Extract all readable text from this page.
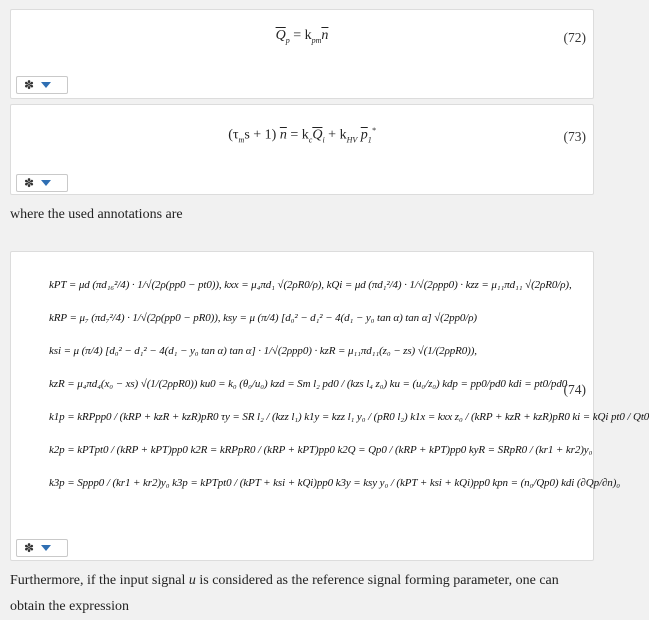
$\overline{Q}_p = k_{pm}\overline{n}$	(72)
✽
$(\tau_ms + 1) \overline{n} = k_c\overline{Q}_i + k_{HV}$ $\overline{p}_1^*$	(73)
✽
where the used annotations are
kPT = μd (πd₁₆²/4) · 1/√(2ρ(pp0 − pt0)), kxx = μ₄πd₁ √(2ρR0/ρ), kQi = μd (πd₁²/4) · 1/√(2ρpp0) · kzz = μ₁₁πd₁₁ √(2ρR0/ρ),
kRP = μ₇ (πd₇²/4) · 1/√(2ρ(pp0 − pR0)), ksy = μ (π/4) [d₀² − d₁² − 4(d₁ − y₀ tan α) tan α] √(2pp0/ρ)
ksi = μ (π/4) [d₀² − d₁² − 4(d₁ − y₀ tan α) tan α] · 1/√(2ρpp0) · kzR = μ₁₁πd₁₁(z₀ − zs) √(1/(2ρpR0)),
kzR = μ₄πd₄(x₀ − xs) √(1/(2ρpR0)) ku0 = k₀ (θ₀/u₀) kzd = Sm l₂ pd0 / (kzs l₄ z₀) ku = (u₀/z₀) kdp = pp0/pd0 kdi = pt0/pd0
k1p = kRPpp0 / (kRP + kzR + kzR)pR0 τy = SR l₂ / (kzz l₁) k1y = kzz l₁ y₀ / (pR0 l₂) k1x = kxx z₀ / (kRP + kzR + kzR)pR0 ki = kQi pt0 / Qt0
k2p = kPTpt0 / (kRP + kPT)pp0 k2R = kRPpR0 / (kRP + kPT)pp0 k2Q = Qp0 / (kRP + kPT)pp0 kyR = SRpR0 / (kr1 + kr2)y₀
k3p = Sppp0 / (kr1 + kr2)y₀ k3p = kPTpt0 / (kPT + ksi + kQi)pp0 k3y = ksy y₀ / (kPT + ksi + kQi)pp0 kpn = (n₀/Qp0) kdi (∂Qp/∂n)₀
(74)
✽
Furthermore, if the input signal u is considered as the reference signal forming parameter, one can obtain the expression
